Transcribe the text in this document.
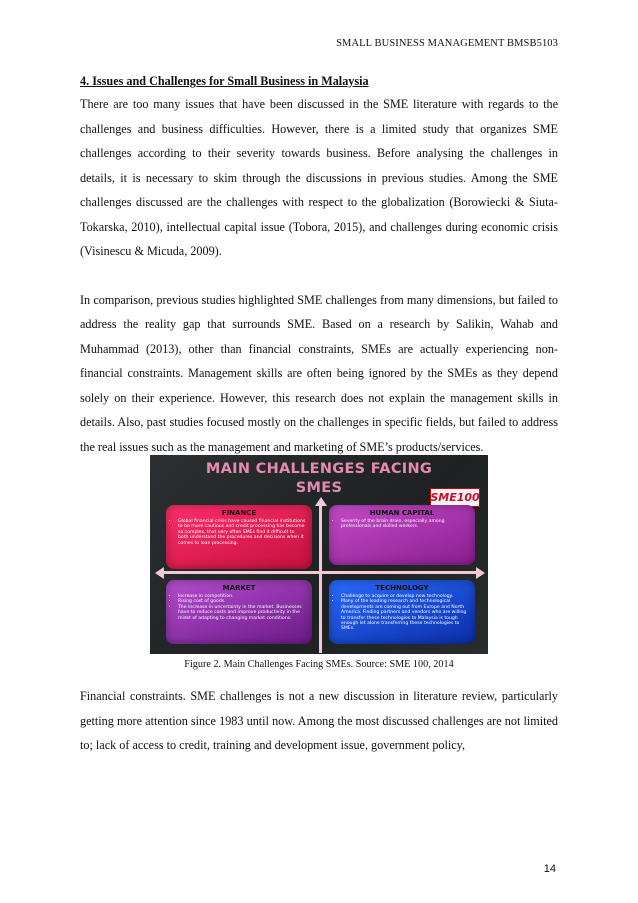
SMALL BUSINESS MANAGEMENT BMSB5103

4. Issues and Challenges for Small Business in Malaysia

There are too many issues that have been discussed in the SME literature with regards to the challenges and business difficulties. However, there is a limited study that organizes SME challenges according to their severity towards business. Before analysing the challenges in details, it is necessary to skim through the discussions in previous studies. Among the SME challenges discussed are the challenges with respect to the globalization (Borowiecki & Siuta-Tokarska, 2010), intellectual capital issue (Tobora, 2015), and challenges during economic crisis (Visinescu & Micuda, 2009).

In comparison, previous studies highlighted SME challenges from many dimensions, but failed to address the reality gap that surrounds SME. Based on a research by Salikin, Wahab and Muhammad (2013), other than financial constraints, SMEs are actually experiencing non-financial constraints. Management skills are often being ignored by the SMEs as they depend solely on their experience. However, this research does not explain the management skills in details. Also, past studies focused mostly on the challenges in specific fields, but failed to address the real issues such as the management and marketing of SME’s products/services.

MAIN CHALLENGES FACING
SMES
SME100
FINANCE
• Global financial crisis have caused financial institutions to be more cautious and credit processing has become so complex, that very often SMEs find it difficult to both understand the procedures and decisions when it comes to loan processing.
HUMAN CAPITAL
• Severity of the brain drain, especially among professionals and skilled workers.
MARKET
• Increase in competition.
• Rising cost of goods.
• The increase in uncertainty in the market. Businesses have to reduce costs and improve productivity in the midst of adapting to changing market conditions.
TECHNOLOGY
• Challenge to acquire or develop new technology.
• Many of the leading research and technological developments are coming out from Europe and North America. Finding partners and vendors who are willing to transfer these technologies to Malaysia is tough enough let alone transferring these technologies to SMEs.
Figure 2. Main Challenges Facing SMEs. Source: SME 100, 2014

Financial constraints. SME challenges is not a new discussion in literature review, particularly getting more attention since 1983 until now. Among the most discussed challenges are not limited to; lack of access to credit, training and development issue, government policy,

14
